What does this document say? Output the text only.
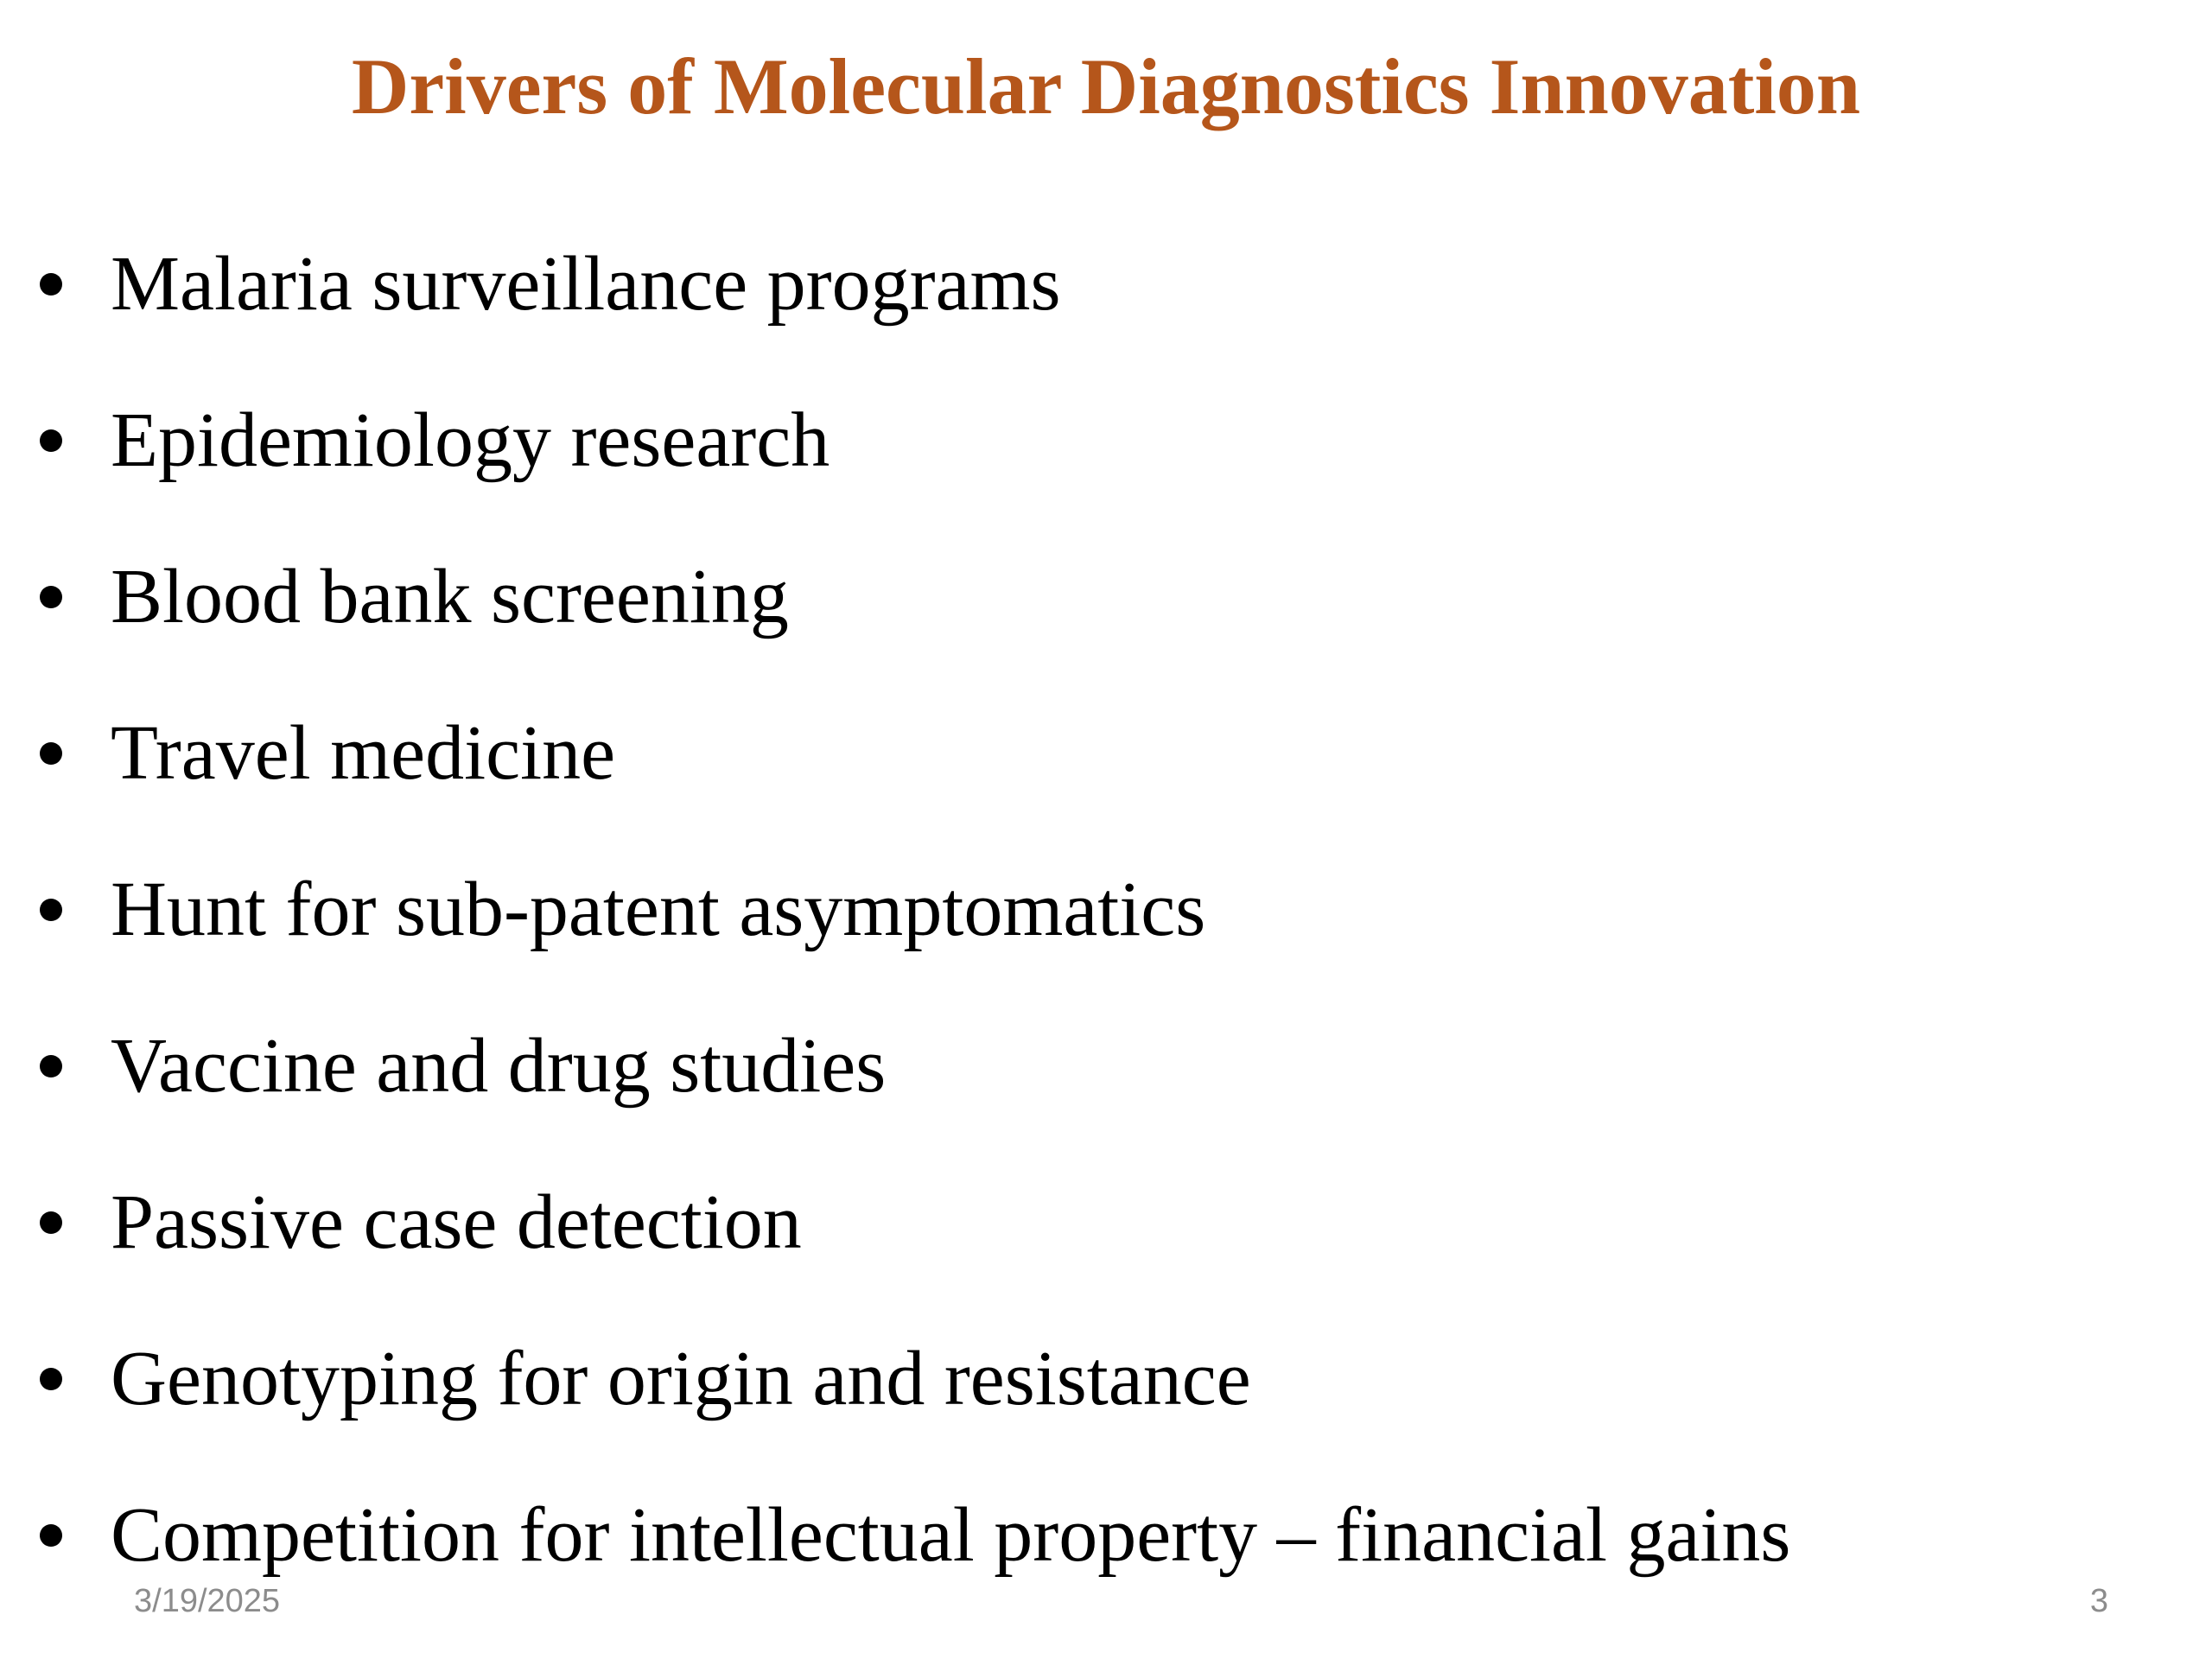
Drivers of Molecular Diagnostics Innovation
Malaria surveillance programs
Epidemiology research
Blood bank screening
Travel medicine
Hunt for sub-patent asymptomatics
Vaccine and drug studies
Passive case detection
Genotyping for origin and resistance
Competition for intellectual property – financial gains
3/19/2025	3
